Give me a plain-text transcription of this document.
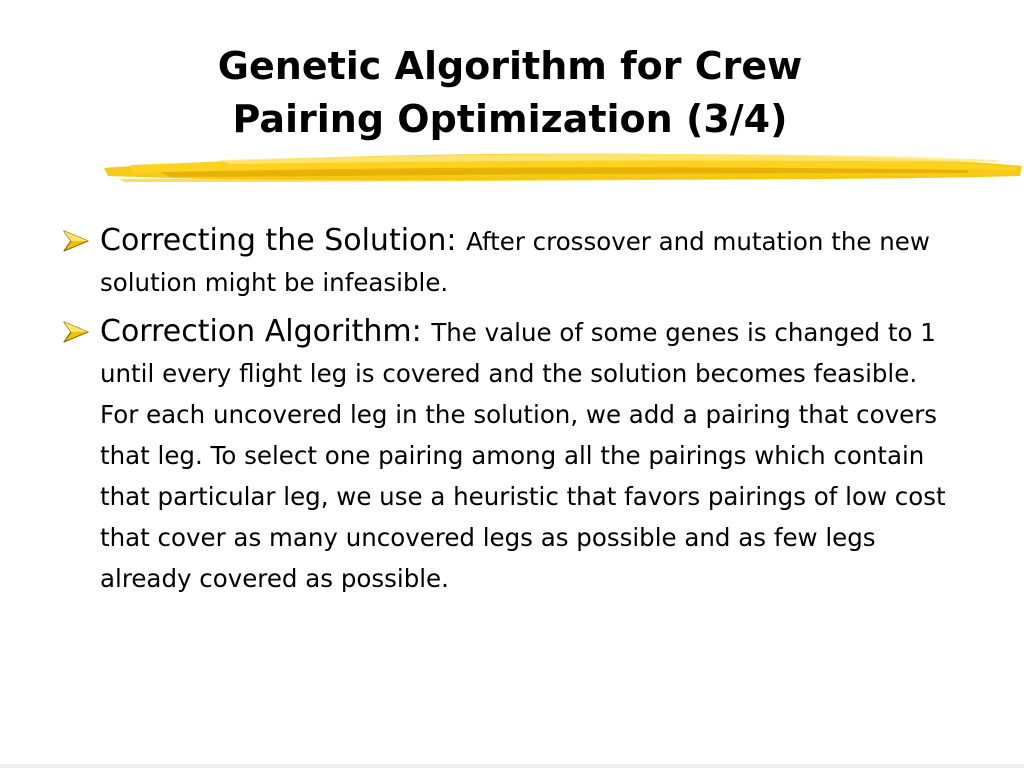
Genetic Algorithm for Crew
Pairing Optimization (3/4)
Correcting the Solution: After crossover and mutation the new solution might be infeasible.
Correction Algorithm: The value of some genes is changed to 1 until every flight leg is covered and the solution becomes feasible. For each uncovered leg in the solution, we add a pairing that covers that leg. To select one pairing among all the pairings which contain that particular leg, we use a heuristic that favors pairings of low cost that cover as many uncovered legs as possible and as few legs already covered as possible.
